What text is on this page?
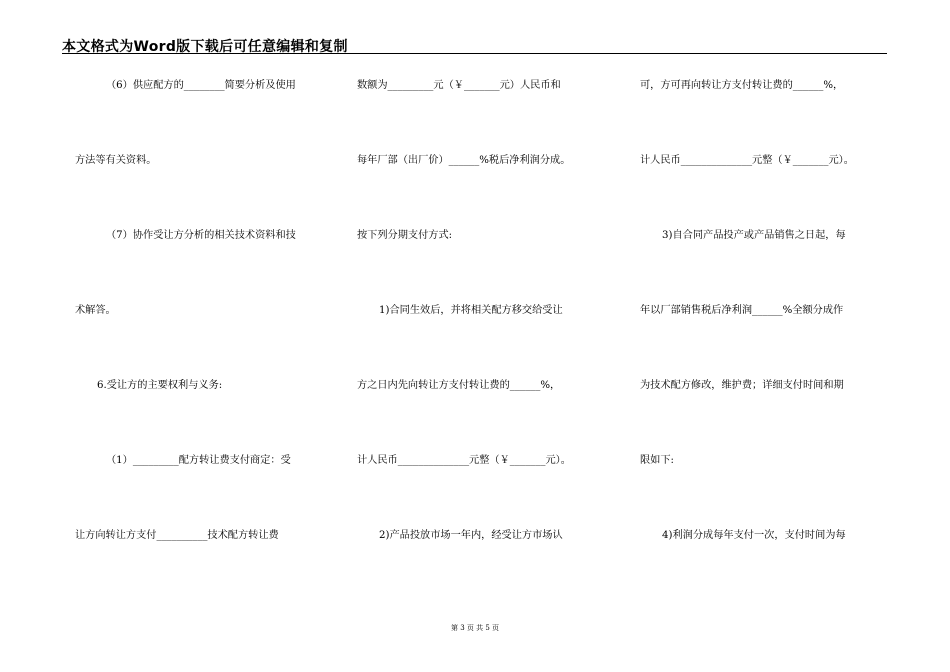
本文格式为Word版下载后可任意编辑和复制
（6）供应配方的________简要分析及使用
方法等有关资料。
（7）协作受让方分析的相关技术资料和技
术解答。
6.受让方的主要权利与义务:
（1）_________配方转让费支付商定：受
让方向转让方支付__________技术配方转让费
数额为_________元（￥_______元）人民币和
每年厂部（出厂价）______%税后净利润分成。
按下列分期支付方式:
1)合同生效后，并将相关配方移交给受让
方之日内先向转让方支付转让费的______%，
计人民币______________元整（￥_______元）。
2)产品投放市场一年内，经受让方市场认
可，方可再向转让方支付转让费的______%，
计人民币______________元整（￥_______元）。
3)自合同产品投产或产品销售之日起，每
年以厂部销售税后净利润______%全额分成作
为技术配方修改，维护费；详细支付时间和期
限如下:
4)利润分成每年支付一次，支付时间为每
第 3 页 共 5 页
